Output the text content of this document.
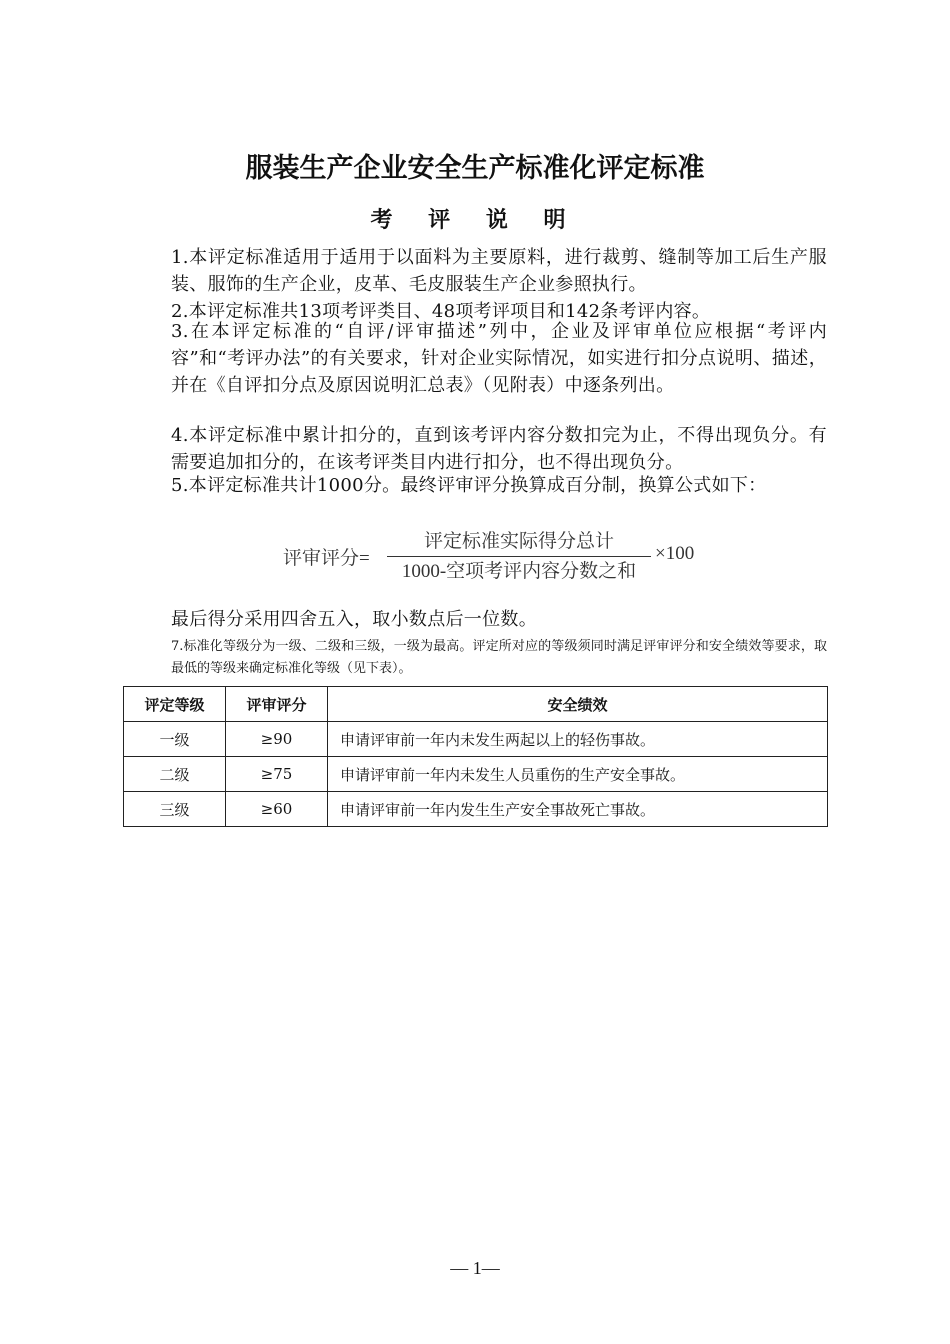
服装生产企业安全生产标准化评定标准
考 评 说 明
1.本评定标准适用于适用于以面料为主要原料，进行裁剪、缝制等加工后生产服装、服饰的生产企业，皮革、毛皮服装生产企业参照执行。
2.本评定标准共13项考评类目、48项考评项目和142条考评内容。
3.在本评定标准的“自评/评审描述”列中，企业及评审单位应根据“考评内容”和“考评办法”的有关要求，针对企业实际情况，如实进行扣分点说明、描述，并在《自评扣分点及原因说明汇总表》（见附表）中逐条列出。
4.本评定标准中累计扣分的，直到该考评内容分数扣完为止，不得出现负分。有需要追加扣分的，在该考评类目内进行扣分，也不得出现负分。
5.本评定标准共计1000分。最终评审评分换算成百分制，换算公式如下：
评审评分=
评定标准实际得分总计
1000-空项考评内容分数之和
×100
最后得分采用四舍五入，取小数点后一位数。
7.标准化等级分为一级、二级和三级，一级为最高。评定所对应的等级须同时满足评审评分和安全绩效等要求，取最低的等级来确定标准化等级（见下表）。
评定等级	评审评分	安全绩效
一级	≥90	申请评审前一年内未发生两起以上的轻伤事故。
二级	≥75	申请评审前一年内未发生人员重伤的生产安全事故。
三级	≥60	申请评审前一年内发生生产安全事故死亡事故。
— 1—
